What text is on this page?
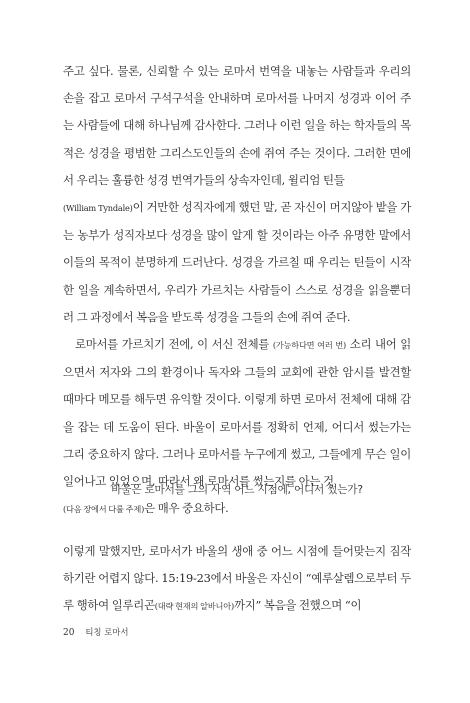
주고 싶다. 물론, 신뢰할 수 있는 로마서 번역을 내놓는 사람들과 우리의 손을 잡고 로마서 구석구석을 안내하며 로마서를 나머지 성경과 이어 주는 사람들에 대해 하나님께 감사한다. 그러나 이런 일을 하는 학자들의 목적은 성경을 평범한 그리스도인들의 손에 쥐여 주는 것이다. 그러한 면에서 우리는 훌륭한 성경 번역가들의 상속자인데, 윌리엄 틴들

(William Tyndale)이 거만한 성직자에게 했던 말, 곧 자신이 머지않아 밭을 가는 농부가 성직자보다 성경을 많이 알게 할 것이라는 아주 유명한 말에서 이들의 목적이 분명하게 드러난다. 성경을 가르칠 때 우리는 틴들이 시작한 일을 계속하면서, 우리가 가르치는 사람들이 스스로 성경을 읽을뿐더러 그 과정에서 복음을 받도록 성경을 그들의 손에 쥐여 준다.

로마서를 가르치기 전에, 이 서신 전체를 (가능하다면 여러 번) 소리 내어 읽으면서 저자와 그의 환경이나 독자와 그들의 교회에 관한 암시를 발견할 때마다 메모를 해두면 유익할 것이다. 이렇게 하면 로마서 전체에 대해 감을 잡는 데 도움이 된다. 바울이 로마서를 정확히 언제, 어디서 썼는가는 그리 중요하지 않다. 그러나 로마서를 누구에게 썼고, 그들에게 무슨 일이 일어나고 있었으며, 따라서 왜 로마서를 썼는지를 아는 것

(다음 장에서 다룰 주제)은 매우 중요하다.

바울은 로마서를 그의 사역 어느 시점에, 어디서 썼는가?

이렇게 말했지만, 로마서가 바울의 생애 중 어느 시점에 들어맞는지 짐작하기란 어렵지 않다. 15:19-23에서 바울은 자신이 “예루살렘으로부터 두루 행하여 일루리곤(대략 현재의 알바니아)까지” 복음을 전했으며 “이

20 티칭 로마서
